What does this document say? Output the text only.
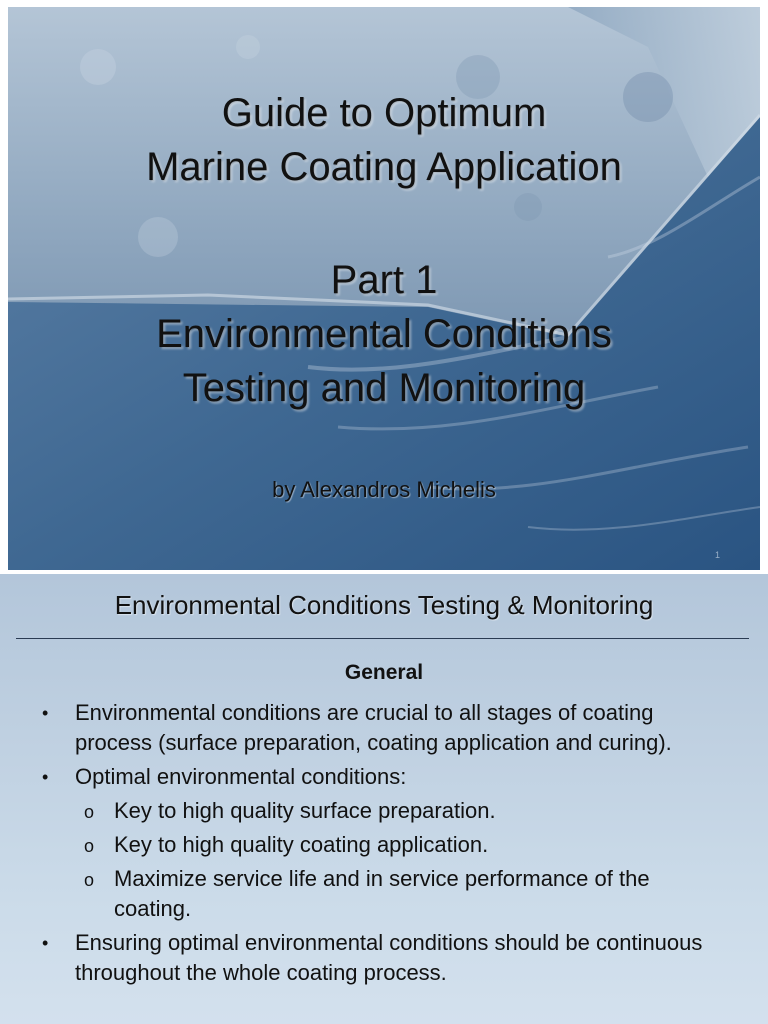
Guide to Optimum
Marine Coating Application
Part 1
Environmental Conditions
Testing and Monitoring
by Alexandros Michelis
1
Environmental Conditions Testing & Monitoring
General
• Environmental conditions are crucial to all stages of coating process (surface preparation, coating application and curing).
• Optimal environmental conditions:
o Key to high quality surface preparation.
o Key to high quality coating application.
o Maximize service life and in service performance of the coating.
• Ensuring optimal environmental conditions should be continuous throughout the whole coating process.
